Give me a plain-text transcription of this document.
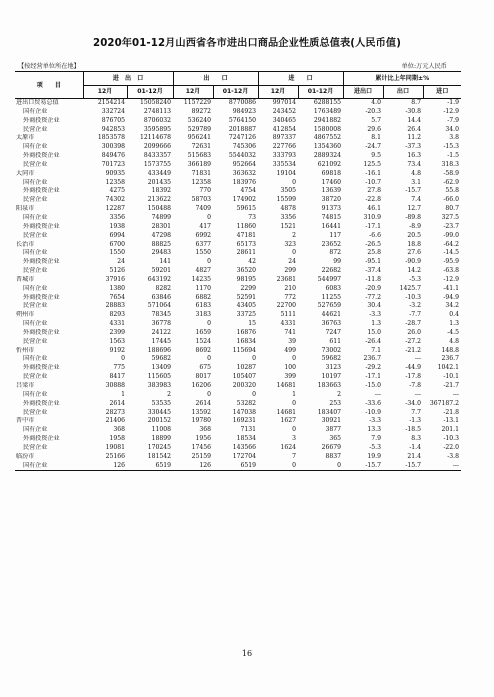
2020年01-12月山西省各市进出口商品企业性质总值表(人民币值)
【按经营单位所在地】	单位:万元人民币
项　　目	进　出　口		出　　口		进　　口		累计比上年同期±%		
	12月	01-12月	12月	01-12月	12月	01-12月	进出口	出口	进口
进出口贸易总值	2154214	15058240	1157229	8770086	997014	6288155	4.0	8.7	-1.9
国有企业	332724	2748113	89272	984923	243452	1763489	-20.3	-30.8	-12.9
外商投资企业	876705	8706032	536240	5764150	340465	2941882	5.7	14.4	-7.9
民营企业	942853	3595895	529789	2018887	412854	1580008	29.6	26.4	34.0
太原市	1853578	12114678	956241	7247126	897337	4867552	8.1	11.2	3.8
国有企业	300398	2099666	72631	745306	227766	1354360	-24.7	-37.3	-15.3
外商投资企业	849476	8433357	515683	5544032	333793	2889324	9.5	16.3	-1.5
民营企业	701723	1573755	366189	952664	335534	621092	125.5	73.4	318.3
大同市	90935	433449	71831	363632	19104	69818	-16.1	4.8	-58.9
国有企业	12358	201435	12358	183976	0	17460	-10.7	3.1	-62.9
外商投资企业	4275	18392	770	4754	3505	13639	27.8	-15.7	55.8
民营企业	74302	213622	58703	174902	15599	38720	-22.8	7.4	-66.0
阳泉市	12287	150488	7409	59615	4878	91373	46.1	12.7	80.7
国有企业	3356	74899	0	73	3356	74815	310.9	-89.8	327.5
外商投资企业	1938	28301	417	11860	1521	16441	-17.1	-8.9	-23.7
民营企业	6994	47298	6992	47181	2	117	-6.6	20.5	-99.0
长治市	6700	88825	6377	65173	323	23652	-26.5	18.8	-64.2
国有企业	1550	29483	1550	28611	0	872	25.8	27.6	-14.5
外商投资企业	24	141	0	42	24	99	-95.1	-90.9	-95.9
民营企业	5126	59201	4827	36520	299	22682	-37.4	14.2	-63.8
晋城市	37916	643192	14235	98195	23681	544997	-11.8	-5.3	-12.9
国有企业	1380	8282	1170	2299	210	6083	-20.9	1425.7	-41.1
外商投资企业	7654	63846	6882	52591	772	11255	-77.2	-10.3	-94.9
民营企业	28883	571064	6183	43405	22700	527659	30.4	-3.2	34.2
朔州市	8293	78345	3183	33725	5111	44621	-3.3	-7.7	0.4
国有企业	4331	36778	0	15	4331	36763	1.3	-28.7	1.3
外商投资企业	2399	24122	1659	16876	741	7247	15.0	26.0	-4.5
民营企业	1563	17445	1524	16834	39	611	-26.4	-27.2	4.8
忻州市	9192	188696	8692	115694	499	73002	7.1	-21.2	148.8
国有企业	0	59682	0	0	0	59682	236.7	---	236.7
外商投资企业	775	13409	675	10287	100	3123	-29.2	-44.9	1042.1
民营企业	8417	115605	8017	105407	399	10197	-17.1	-17.8	-10.1
吕梁市	30888	383983	16206	200320	14681	183663	-15.0	-7.8	-21.7
国有企业	1	2	0	0	1	2	---	---	---
外商投资企业	2614	53535	2614	53282	0	253	-33.6	-34.0	367187.2
民营企业	28273	330445	13592	147038	14681	183407	-10.9	7.7	-21.8
晋中市	21406	200152	19780	169231	1627	30921	-3.3	-1.3	-13.1
国有企业	368	11008	368	7131	0	3877	13.3	-18.5	201.1
外商投资企业	1958	18899	1956	18534	3	365	7.9	8.3	-10.3
民营企业	19081	170245	17456	143566	1624	26679	-5.3	-1.4	-22.0
临汾市	25166	181542	25159	172704	7	8837	19.9	21.4	-3.8
国有企业	126	6519	126	6519	0	0	-15.7	-15.7	---
16
